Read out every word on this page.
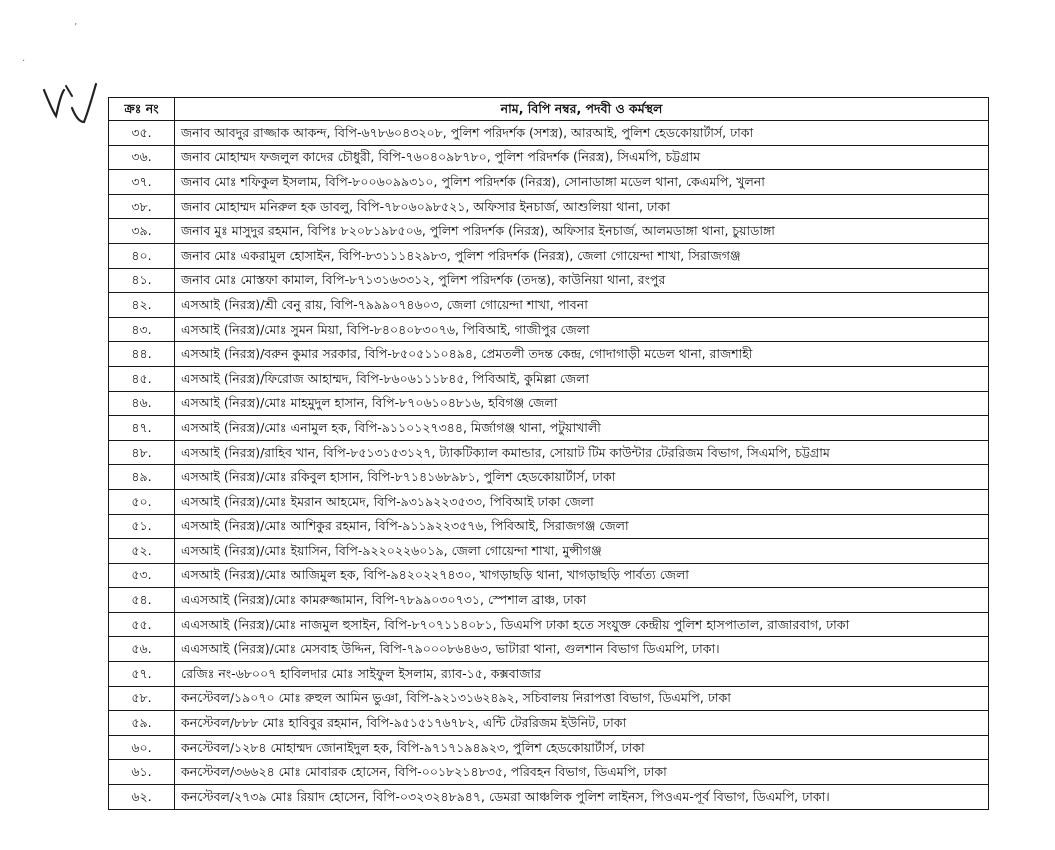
’
·
ক্রঃ নং	নাম, বিপি নম্বর, পদবী ও কর্মস্থল
৩৫.	জনাব আবদুর রাজ্জাক আকন্দ, বিপি-৬৭৮৬০৪৩২০৮, পুলিশ পরিদর্শক (সশস্ত্র), আরআই, পুলিশ হেডকোয়ার্টার্স, ঢাকা
৩৬.	জনাব মোহাম্মদ ফজলুল কাদের চৌধুরী, বিপি-৭৬০৪০৯৮৭৮০, পুলিশ পরিদর্শক (নিরস্ত্র), সিএমপি, চট্টগ্রাম
৩৭.	জনাব মোঃ শফিকুল ইসলাম, বিপি-৮০০৬০৯৯৩১০, পুলিশ পরিদর্শক (নিরস্ত্র), সোনাডাঙ্গা মডেল থানা, কেএমপি, খুলনা
৩৮.	জনাব মোহাম্মদ মনিরুল হক ডাবলু, বিপি-৭৮০৬০৯৮৫২১, অফিসার ইনচার্জ, আশুলিয়া থানা, ঢাকা
৩৯.	জনাব মুঃ মাসুদুর রহমান, বিপিঃ ৮২০৮১৯৮৫০৬, পুলিশ পরিদর্শক (নিরস্ত্র), অফিসার ইনচার্জ, আলমডাঙ্গা থানা, চুয়াডাঙ্গা
৪০.	জনাব মোঃ একরামুল হোসাইন, বিপি-৮৩১১১৪২৯৮৩, পুলিশ পরিদর্শক (নিরস্ত্র), জেলা গোয়েন্দা শাখা, সিরাজগঞ্জ
৪১.	জনাব মোঃ মোস্তফা কামাল, বিপি-৮৭১৩১৬৩৩১২, পুলিশ পরিদর্শক (তদন্ত), কাউনিয়া থানা, রংপুর
৪২.	এসআই (নিরস্ত্র)/শ্রী বেনু রায়, বিপি-৭৯৯৯০৭৪৬০৩, জেলা গোয়েন্দা শাখা, পাবনা
৪৩.	এসআই (নিরস্ত্র)/মোঃ সুমন মিয়া, বিপি-৮৪০৪০৮৩০৭৬, পিবিআই, গাজীপুর জেলা
৪৪.	এসআই (নিরস্ত্র)/বরুন কুমার সরকার, বিপি-৮৫০৫১১০৪৯৪, প্রেমতলী তদন্ত কেন্দ্র, গোদাগাড়ী মডেল থানা, রাজশাহী
৪৫.	এসআই (নিরস্ত্র)/ফিরোজ আহাম্মদ, বিপি-৮৬০৬১১১৮৪৫, পিবিআই, কুমিল্লা জেলা
৪৬.	এসআই (নিরস্ত্র)/মোঃ মাহমুদুল হাসান, বিপি-৮৭০৬১০৪৮১৬, হবিগঞ্জ জেলা
৪৭.	এসআই (নিরস্ত্র)/মোঃ এনামুল হক, বিপি-৯১১০১২৭৩৪৪, মির্জাগঞ্জ থানা, পটুয়াখালী
৪৮.	এসআই (নিরস্ত্র)/রাহিব খান, বিপি-৮৫১৩১৫৩১২৭, ট্যাকটিক্যাল কমান্ডার, সোয়াট টিম কাউন্টার টেররিজম বিভাগ, সিএমপি, চট্টগ্রাম
৪৯.	এসআই (নিরস্ত্র)/মোঃ রকিবুল হাসান, বিপি-৮৭১৪১৬৮৯৮১, পুলিশ হেডকোয়ার্টার্স, ঢাকা
৫০.	এসআই (নিরস্ত্র)/মোঃ ইমরান আহমেদ, বিপি-৯৩১৯২২৩৫৩৩, পিবিআই ঢাকা জেলা
৫১.	এসআই (নিরস্ত্র)/মোঃ আশিকুর রহমান, বিপি-৯১১৯২২৩৫৭৬, পিবিআই, সিরাজগঞ্জ জেলা
৫২.	এসআই (নিরস্ত্র)/মোঃ ইয়াসিন, বিপি-৯২২০২২৬০১৯, জেলা গোয়েন্দা শাখা, মুন্সীগঞ্জ
৫৩.	এসআই (নিরস্ত্র)/মোঃ আজিমুল হক, বিপি-৯৪২০২২৭৪৩০, খাগড়াছড়ি থানা, খাগড়াছড়ি পার্বত্য জেলা
৫৪.	এএসআই (নিরস্ত্র)/মোঃ কামরুজ্জামান, বিপি-৭৮৯৯০৩০৭৩১, স্পেশাল ব্রাঞ্চ, ঢাকা
৫৫.	এএসআই (নিরস্ত্র)/মোঃ নাজমুল হুসাইন, বিপি-৮৭০৭১১৪০৮১, ডিএমপি ঢাকা হতে সংযুক্ত কেন্দ্রীয় পুলিশ হাসপাতাল, রাজারবাগ, ঢাকা
৫৬.	এএসআই (নিরস্ত্র)/মোঃ মেসবাহ উদ্দিন, বিপি-৭৯০০০৮৬৪৬৩, ভাটারা থানা, গুলশান বিভাগ ডিএমপি, ঢাকা।
৫৭.	রেজিঃ নং-৬৮০০৭ হাবিলদার মোঃ সাইফুল ইসলাম, র‍্যাব-১৫, কক্সবাজার
৫৮.	কনস্টেবল/১৯০৭০ মোঃ রুহুল আমিন ভুঞা, বিপি-৯২১৩১৬২৪৯২, সচিবালয় নিরাপত্তা বিভাগ, ডিএমপি, ঢাকা
৫৯.	কনস্টেবল/৮৮৮ মোঃ হাবিবুর রহমান, বিপি-৯৫১৫১৭৬৭৮২, এন্টি টেররিজম ইউনিট, ঢাকা
৬০.	কনস্টেবল/১২৮৪ মোহাম্মদ জোনাইদুল হক, বিপি-৯৭১৭১৯৪৯২৩, পুলিশ হেডকোয়ার্টার্স, ঢাকা
৬১.	কনস্টেবল/৩৬৬২৪ মোঃ মোবারক হোসেন, বিপি-০০১৮২১৪৮৩৫, পরিবহন বিভাগ, ডিএমপি, ঢাকা
৬২.	কনস্টেবল/২৭৩৯ মোঃ রিয়াদ হোসেন, বিপি-০৩২৩২৪৮৯৪৭, ডেমরা আঞ্চলিক পুলিশ লাইনস, পিওএম-পূর্ব বিভাগ, ডিএমপি, ঢাকা।
